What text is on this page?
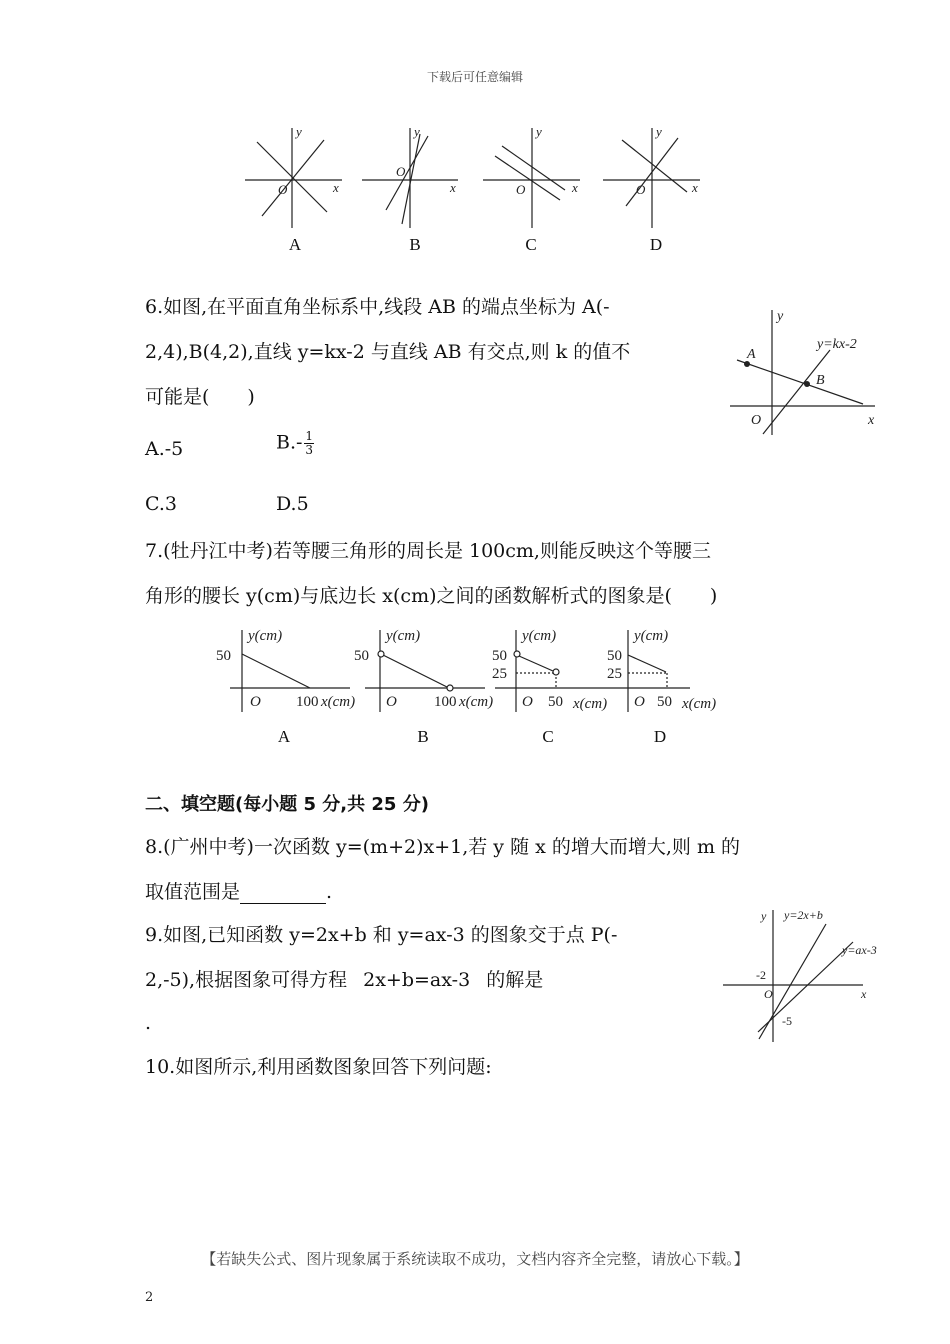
下载后可任意编辑
y
x
O
y
x
O
y
x
O
y
x
O
A	B	C	D
6.如图,在平面直角坐标系中,线段 AB 的端点坐标为 A(-
2,4),B(4,2),直线 y=kx-2 与直线 AB 有交点,则 k 的值不
可能是(　　)
A.-5	$B.- \frac{1}{3}$
C.3	D.5
y
x
O
A
B
y=kx-2
7.(牡丹江中考)若等腰三角形的周长是 100cm,则能反映这个等腰三
角形的腰长 y(cm)与底边长 x(cm)之间的函数解析式的图象是(　　)
y(cm)
50
O 100 x(cm)
y(cm)
50
O 100 x(cm)
y(cm)
50
25
O 50 x(cm)
y(cm)
50
25
O 50 x(cm)
A	B	C	D
二、填空题(每小题 5 分,共 25 分)
8.(广州中考)一次函数 y=(m+2)x+1,若 y 随 x 的增大而增大,则 m 的
取值范围是	.
9.如图,已知函数 y=2x+b 和 y=ax-3 的图象交于点 P(-
2,-5),根据图象可得方程 2x+b=ax-3 的解是
.
y
x
O
y=2x+b
y=ax-3
-2
-5
10.如图所示,利用函数图象回答下列问题:
【若缺失公式、图片现象属于系统读取不成功，文档内容齐全完整，请放心下载。】
2
